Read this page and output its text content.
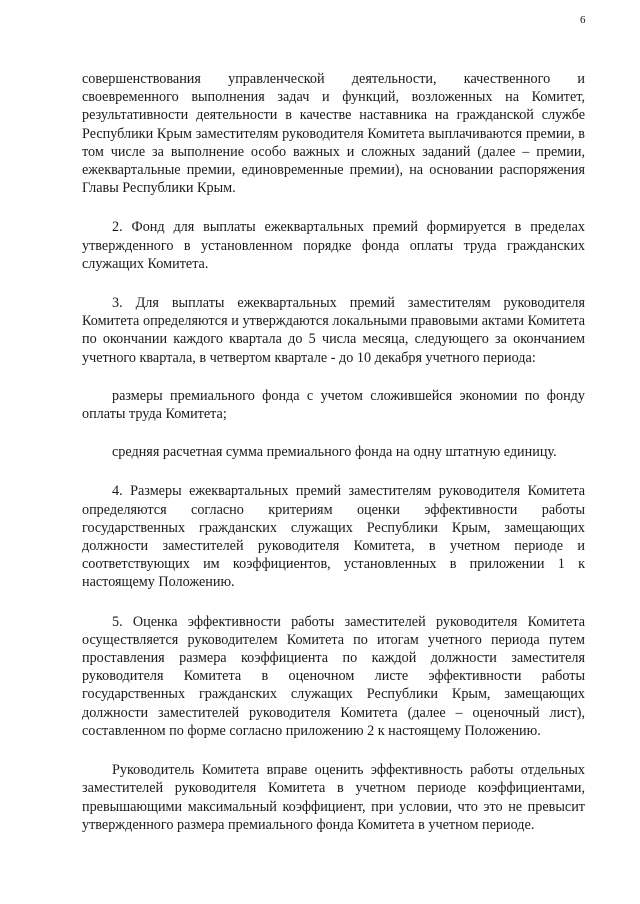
6

совершенствования управленческой деятельности, качественного и своевременного выполнения задач и функций, возложенных на Комитет, результативности деятельности в качестве наставника на гражданской службе Республики Крым заместителям руководителя Комитета выплачиваются премии, в том числе за выполнение особо важных и сложных заданий (далее – премии, ежеквартальные премии, единовременные премии), на основании распоряжения Главы Республики Крым.

2. Фонд для выплаты ежеквартальных премий формируется в пределах утвержденного в установленном порядке фонда оплаты труда гражданских служащих Комитета.

3. Для выплаты ежеквартальных премий заместителям руководителя Комитета определяются и утверждаются локальными правовыми актами Комитета по окончании каждого квартала до 5 числа месяца, следующего за окончанием учетного квартала, в четвертом квартале - до 10 декабря учетного периода:

размеры премиального фонда с учетом сложившейся экономии по фонду оплаты труда Комитета;

средняя расчетная сумма премиального фонда на одну штатную единицу.

4. Размеры ежеквартальных премий заместителям руководителя Комитета определяются согласно критериям оценки эффективности работы государственных гражданских служащих Республики Крым, замещающих должности заместителей руководителя Комитета, в учетном периоде и соответствующих им коэффициентов, установленных в приложении 1 к настоящему Положению.

5. Оценка эффективности работы заместителей руководителя Комитета осуществляется руководителем Комитета по итогам учетного периода путем проставления размера коэффициента по каждой должности заместителя руководителя Комитета в оценочном листе эффективности работы государственных гражданских служащих Республики Крым, замещающих должности заместителей руководителя Комитета (далее – оценочный лист), составленном по форме согласно приложению 2 к настоящему Положению.

Руководитель Комитета вправе оценить эффективность работы отдельных заместителей руководителя Комитета в учетном периоде коэффициентами, превышающими максимальный коэффициент, при условии, что это не превысит утвержденного размера премиального фонда Комитета в учетном периоде.
